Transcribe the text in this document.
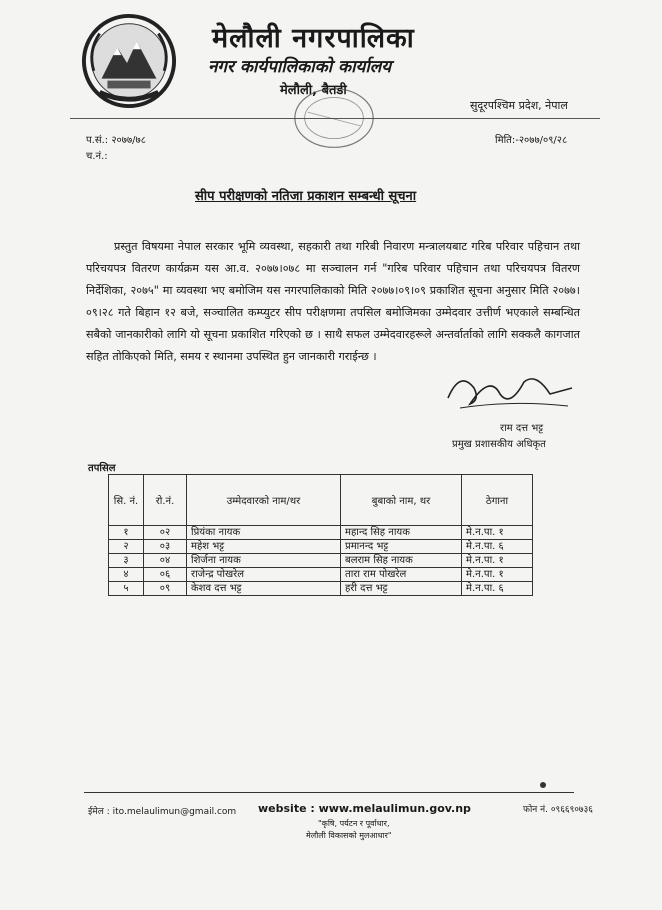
मेलौली नगरपालिका
नगर कार्यपालिकाको कार्यालय
मेलौली, बैतडी
सुदूरपश्चिम प्रदेश, नेपाल
प.सं.: २०७७/७८
च.नं.:
मिति:-२०७७/०९/२८
सीप परीक्षणको नतिजा प्रकाशन सम्बन्धी सूचना
प्रस्तुत विषयमा नेपाल सरकार भूमि व्यवस्था, सहकारी तथा गरिबी निवारण मन्त्रालयबाट गरिब परिवार पहिचान तथा परिचयपत्र वितरण कार्यक्रम यस आ.व. २०७७।०७८ मा सञ्चालन गर्न "गरिब परिवार पहिचान तथा परिचयपत्र वितरण निर्देशिका, २०७५" मा व्यवस्था भए बमोजिम यस नगरपालिकाको मिति २०७७।०९।०९ प्रकाशित सूचना अनुसार मिति २०७७।०९।२८ गते बिहान १२ बजे, सञ्चालित कम्प्युटर सीप परीक्षणमा तपसिल बमोजिमका उम्मेदवार उत्तीर्ण भएकाले सम्बन्धित सबैको जानकारीको लागि यो सूचना प्रकाशित गरिएको छ । साथै सफल उम्मेदवारहरूले अन्तर्वार्ताको लागि सक्कलै कागजात सहित तोकिएको मिति, समय र स्थानमा उपस्थित हुन जानकारी गराईन्छ ।
राम दत्त भट्ट
प्रमुख प्रशासकीय अधिकृत
तपसिल
सि. नं.	रो.नं.	उम्मेदवारको नाम/थर	बुबाको नाम, थर	ठेगाना
१	०२	प्रियंका नायक	महान्द सिह नायक	मे.न.पा. १
२	०३	महेश भट्ट	प्रमानन्द भट्ट	मे.न.पा. ६
३	०४	शिर्जना नायक	बलराम सिह नायक	मे.न.पा. १
४	०६	राजेन्द्र पोखरेल	तारा राम पोखरेल	मे.न.पा. १
५	०९	केशव दत्त भट्ट	हरी दत्त भट्ट	मे.न.पा. ६
ईमेल : ito.melaulimun@gmail.com website : www.melaulimun.gov.np	फोन नं. ०९६६९०७३६
"कृषि, पर्यटन र पूर्वाधार,
मेलौली विकासको मुलआधार"
